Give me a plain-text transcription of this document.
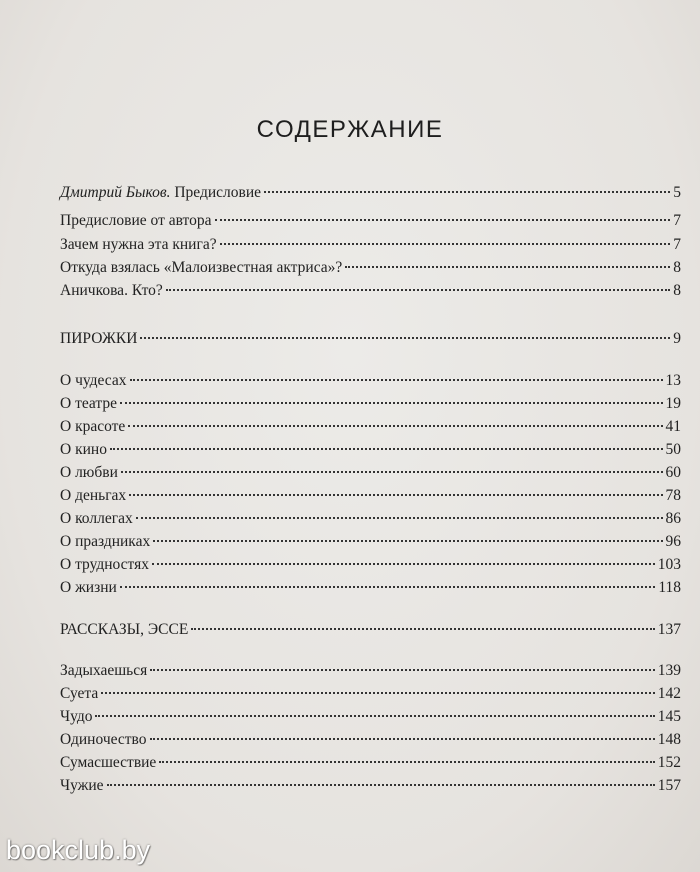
СОДЕРЖАНИЕ
Дмитрий Быков. Предисловие	5
Предисловие от автора	7
Зачем нужна эта книга?	7
Откуда взялась «Малоизвестная актриса»?	8
Аничкова. Кто?	8
ПИРОЖКИ	9
О чудесах	13
О театре	19
О красоте	41
О кино	50
О любви	60
О деньгах	78
О коллегах	86
О праздниках	96
О трудностях	103
О жизни	118
РАССКАЗЫ, ЭССЕ	137
Задыхаешься	139
Суета	142
Чудо	145
Одиночество	148
Сумасшествие	152
Чужие	157
bookclub.by
